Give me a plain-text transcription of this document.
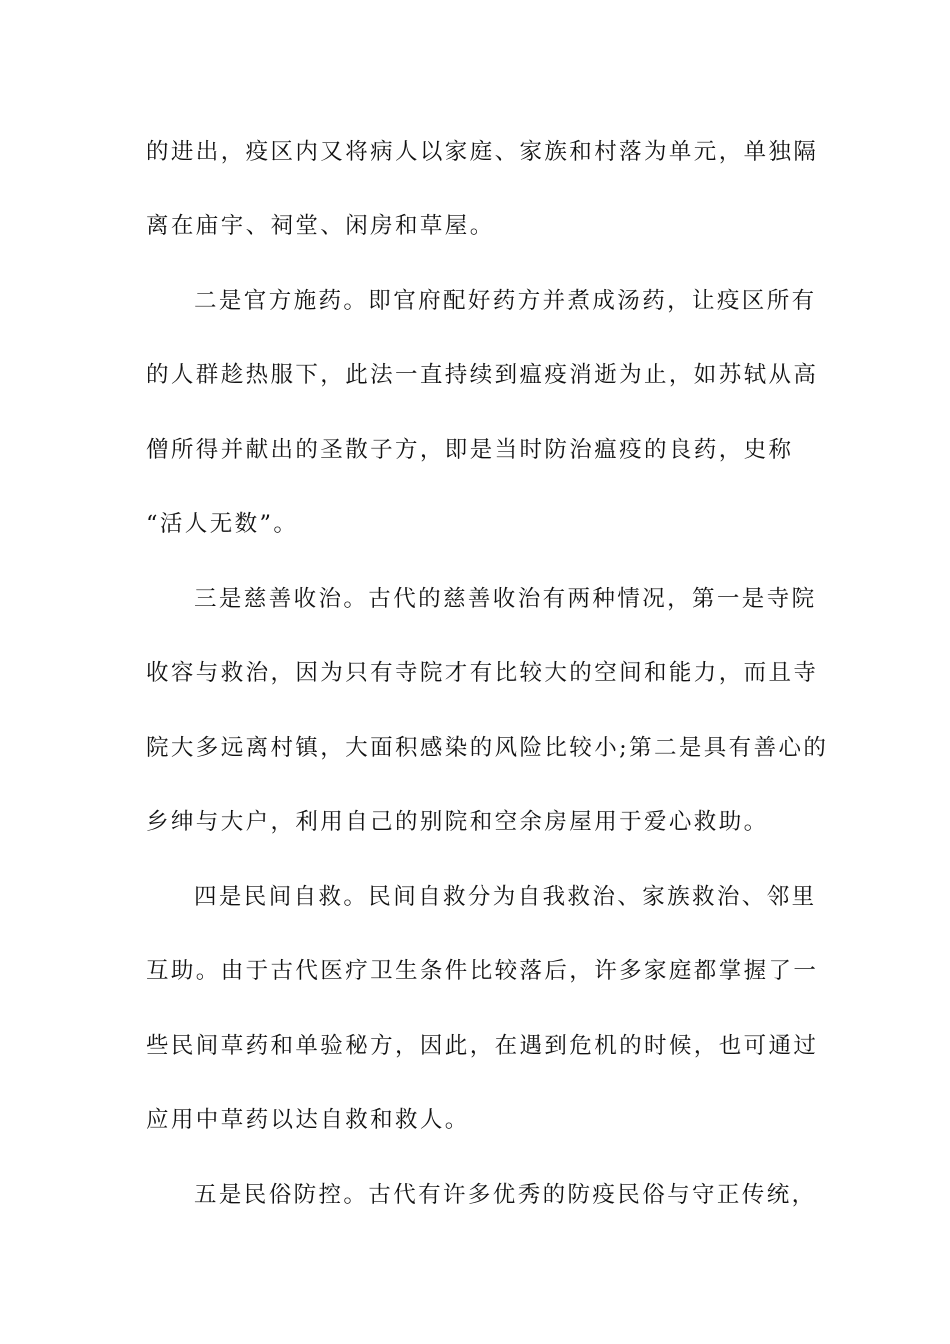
的进出，疫区内又将病人以家庭、家族和村落为单元，单独隔
离在庙宇、祠堂、闲房和草屋。
二是官方施药。即官府配好药方并煮成汤药，让疫区所有
的人群趁热服下，此法一直持续到瘟疫消逝为止，如苏轼从高
僧所得并献出的圣散子方，即是当时防治瘟疫的良药，史称
“活人无数”。
三是慈善收治。古代的慈善收治有两种情况，第一是寺院
收容与救治，因为只有寺院才有比较大的空间和能力，而且寺
院大多远离村镇，大面积感染的风险比较小;第二是具有善心的
乡绅与大户，利用自己的别院和空余房屋用于爱心救助。
四是民间自救。民间自救分为自我救治、家族救治、邻里
互助。由于古代医疗卫生条件比较落后，许多家庭都掌握了一
些民间草药和单验秘方，因此，在遇到危机的时候，也可通过
应用中草药以达自救和救人。
五是民俗防控。古代有许多优秀的防疫民俗与守正传统，
